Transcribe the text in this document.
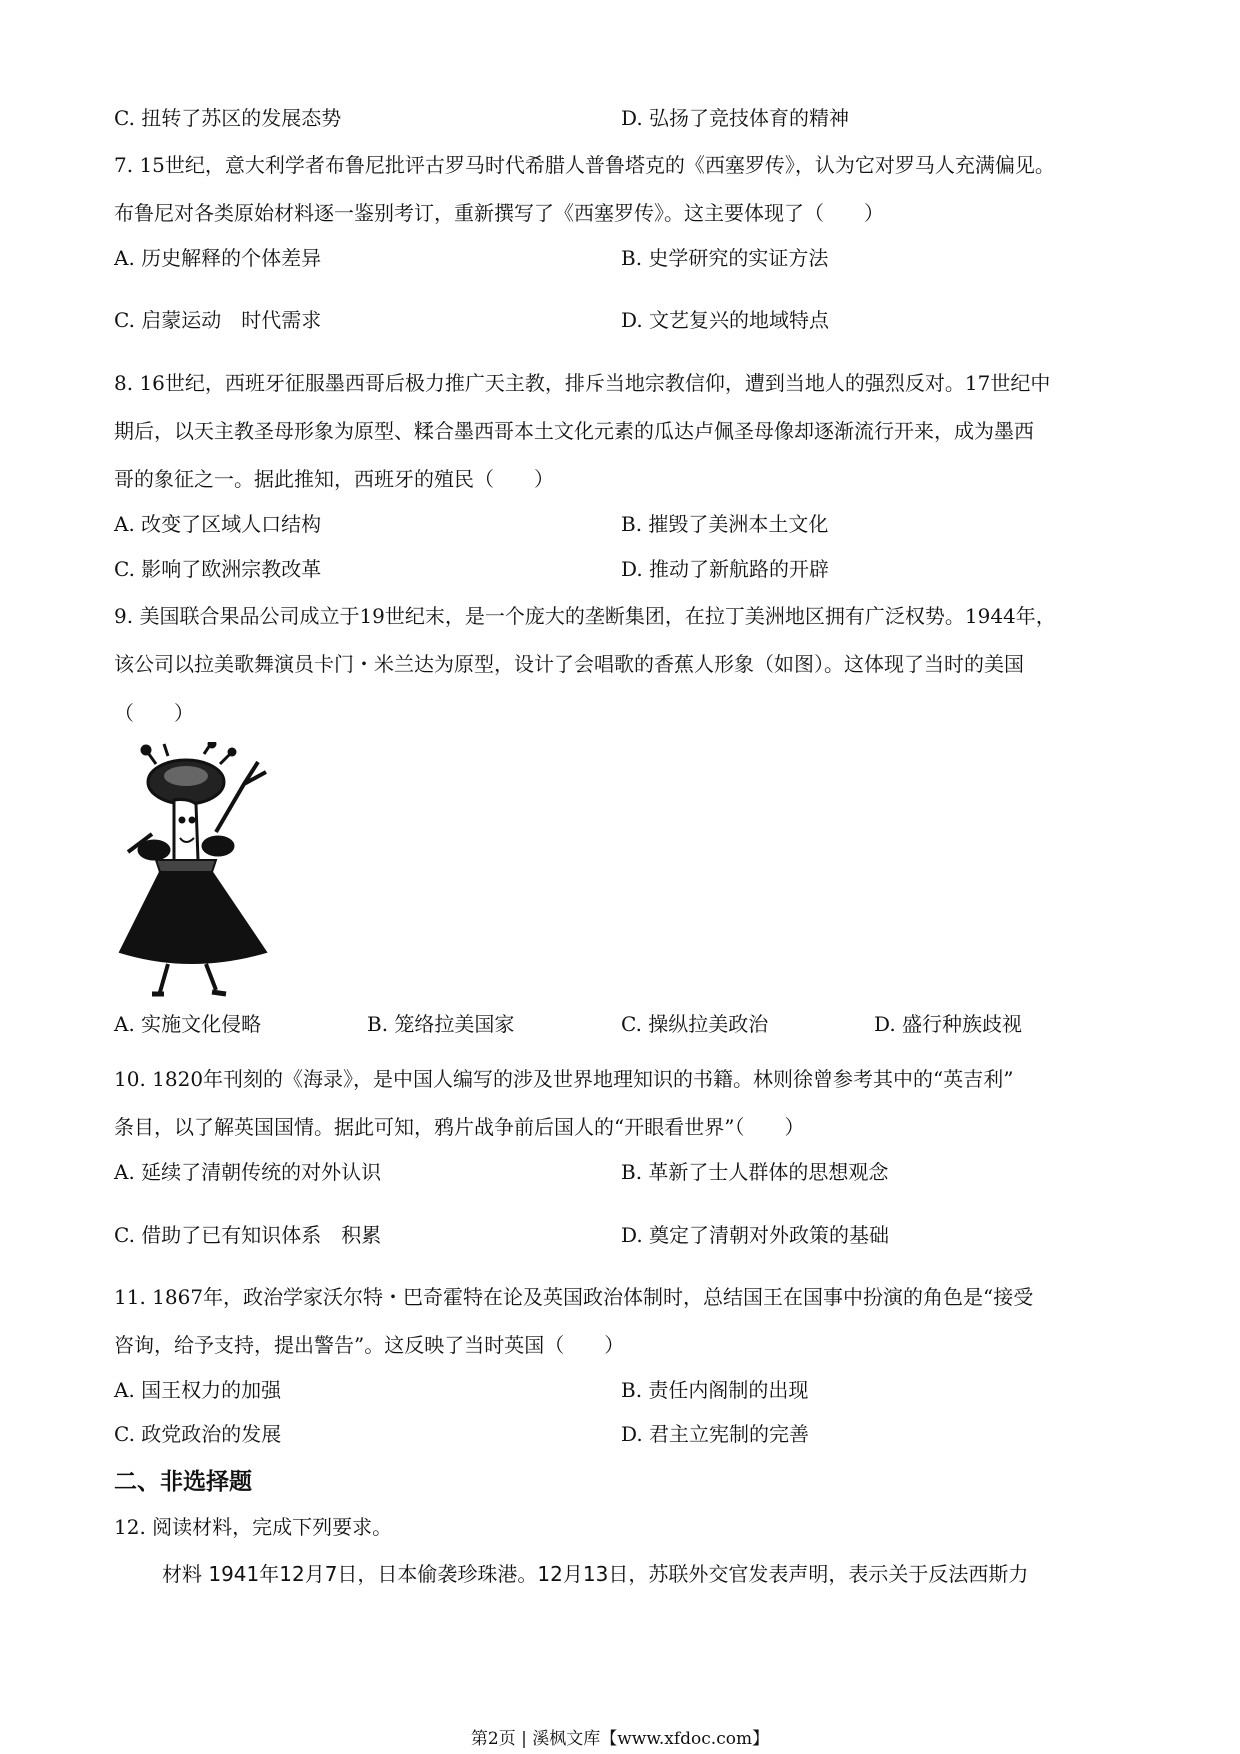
C. 扭转了苏区的发展态势	D. 弘扬了竞技体育的精神
7. 15世纪，意大利学者布鲁尼批评古罗马时代希腊人普鲁塔克的《西塞罗传》，认为它对罗马人充满偏见。
布鲁尼对各类原始材料逐一鉴别考订，重新撰写了《西塞罗传》。这主要体现了（　　）
A. 历史解释的个体差异	B. 史学研究的实证方法
C. 启蒙运动　时代需求	D. 文艺复兴的地域特点
8. 16世纪，西班牙征服墨西哥后极力推广天主教，排斥当地宗教信仰，遭到当地人的强烈反对。17世纪中
期后，以天主教圣母形象为原型、糅合墨西哥本土文化元素的瓜达卢佩圣母像却逐渐流行开来，成为墨西
哥的象征之一。据此推知，西班牙的殖民（　　）
A. 改变了区域人口结构	B. 摧毁了美洲本土文化
C. 影响了欧洲宗教改革	D. 推动了新航路的开辟
9. 美国联合果品公司成立于19世纪末，是一个庞大的垄断集团，在拉丁美洲地区拥有广泛权势。1944年，
该公司以拉美歌舞演员卡门・米兰达为原型，设计了会唱歌的香蕉人形象（如图）。这体现了当时的美国
（　　）
A. 实施文化侵略	B. 笼络拉美国家	C. 操纵拉美政治	D. 盛行种族歧视
10. 1820年刊刻的《海录》，是中国人编写的涉及世界地理知识的书籍。林则徐曾参考其中的“英吉利”
条目，以了解英国国情。据此可知，鸦片战争前后国人的“开眼看世界”（　　）
A. 延续了清朝传统的对外认识	B. 革新了士人群体的思想观念
C. 借助了已有知识体系　积累	D. 奠定了清朝对外政策的基础
11. 1867年，政治学家沃尔特・巴奇霍特在论及英国政治体制时，总结国王在国事中扮演的角色是“接受
咨询，给予支持，提出警告”。这反映了当时英国（　　）
A. 国王权力的加强	B. 责任内阁制的出现
C. 政党政治的发展	D. 君主立宪制的完善
二、非选择题
12. 阅读材料，完成下列要求。
材料 1941年12月7日，日本偷袭珍珠港。12月13日，苏联外交官发表声明，表示关于反法西斯力
第2页 | 溪枫文库【www.xfdoc.com】
